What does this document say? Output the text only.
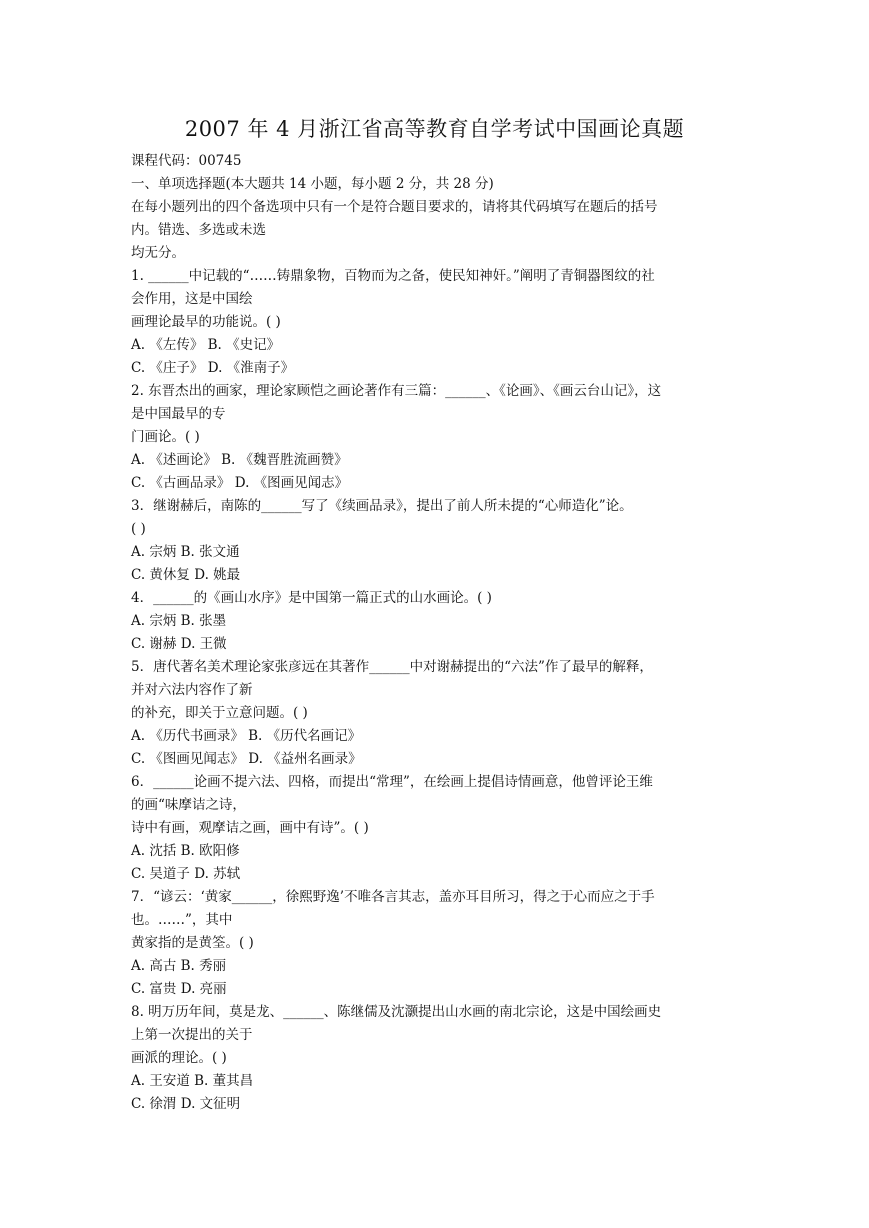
2007 年 4 月浙江省高等教育自学考试中国画论真题
课程代码：00745
一、单项选择题(本大题共 14 小题，每小题 2 分，共 28 分)
在每小题列出的四个备选项中只有一个是符合题目要求的，请将其代码填写在题后的括号
内。错选、多选或未选
均无分。
1. ______中记载的“……铸鼎象物，百物而为之备，使民知神奸。”阐明了青铜器图纹的社
会作用，这是中国绘
画理论最早的功能说。( )
A. 《左传》 B. 《史记》
C. 《庄子》 D. 《淮南子》
2. 东晋杰出的画家，理论家顾恺之画论著作有三篇：______、《论画》、《画云台山记》，这
是中国最早的专
门画论。( )
A. 《述画论》 B. 《魏晋胜流画赞》
C. 《古画品录》 D. 《图画见闻志》
3．继谢赫后，南陈的______写了《续画品录》，提出了前人所未提的“心师造化”论。
( )
A. 宗炳 B. 张文通
C. 黄休复 D. 姚最
4．______的《画山水序》是中国第一篇正式的山水画论。( )
A. 宗炳 B. 张墨
C. 谢赫 D. 王微
5．唐代著名美术理论家张彦远在其著作______中对谢赫提出的“六法”作了最早的解释，
并对六法内容作了新
的补充，即关于立意问题。( )
A. 《历代书画录》 B. 《历代名画记》
C. 《图画见闻志》 D. 《益州名画录》
6．______论画不提六法、四格，而提出“常理”，在绘画上提倡诗情画意，他曾评论王维
的画“味摩诘之诗，
诗中有画，观摩诘之画，画中有诗”。( )
A. 沈括 B. 欧阳修
C. 吴道子 D. 苏轼
7．“谚云：‘黄家______，徐熙野逸’不唯各言其志，盖亦耳目所习，得之于心而应之于手
也。……”，其中
黄家指的是黄筌。( )
A. 高古 B. 秀丽
C. 富贵 D. 亮丽
8. 明万历年间，莫是龙、______、陈继儒及沈灏提出山水画的南北宗论，这是中国绘画史
上第一次提出的关于
画派的理论。( )
A. 王安道 B. 董其昌
C. 徐渭 D. 文征明
